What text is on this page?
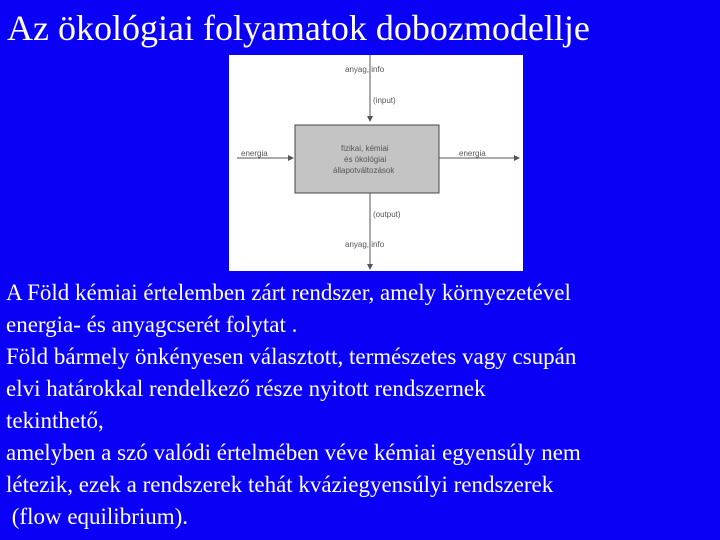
Az ökológiai folyamatok dobozmodellje
anyag, info
(input)
energia
fizikai, kémiai
és ökológiai
állapotváltozások
energia
(output)
anyag, info
A Föld kémiai értelemben zárt rendszer, amely környezetével
energia- és anyagcserét folytat .
Föld bármely önkényesen választott, természetes vagy csupán
elvi határokkal rendelkező része nyitott rendszernek
tekinthető,
amelyben a szó valódi értelmében véve kémiai egyensúly nem
létezik, ezek a rendszerek tehát kváziegyensúlyi rendszerek
(flow equilibrium).
